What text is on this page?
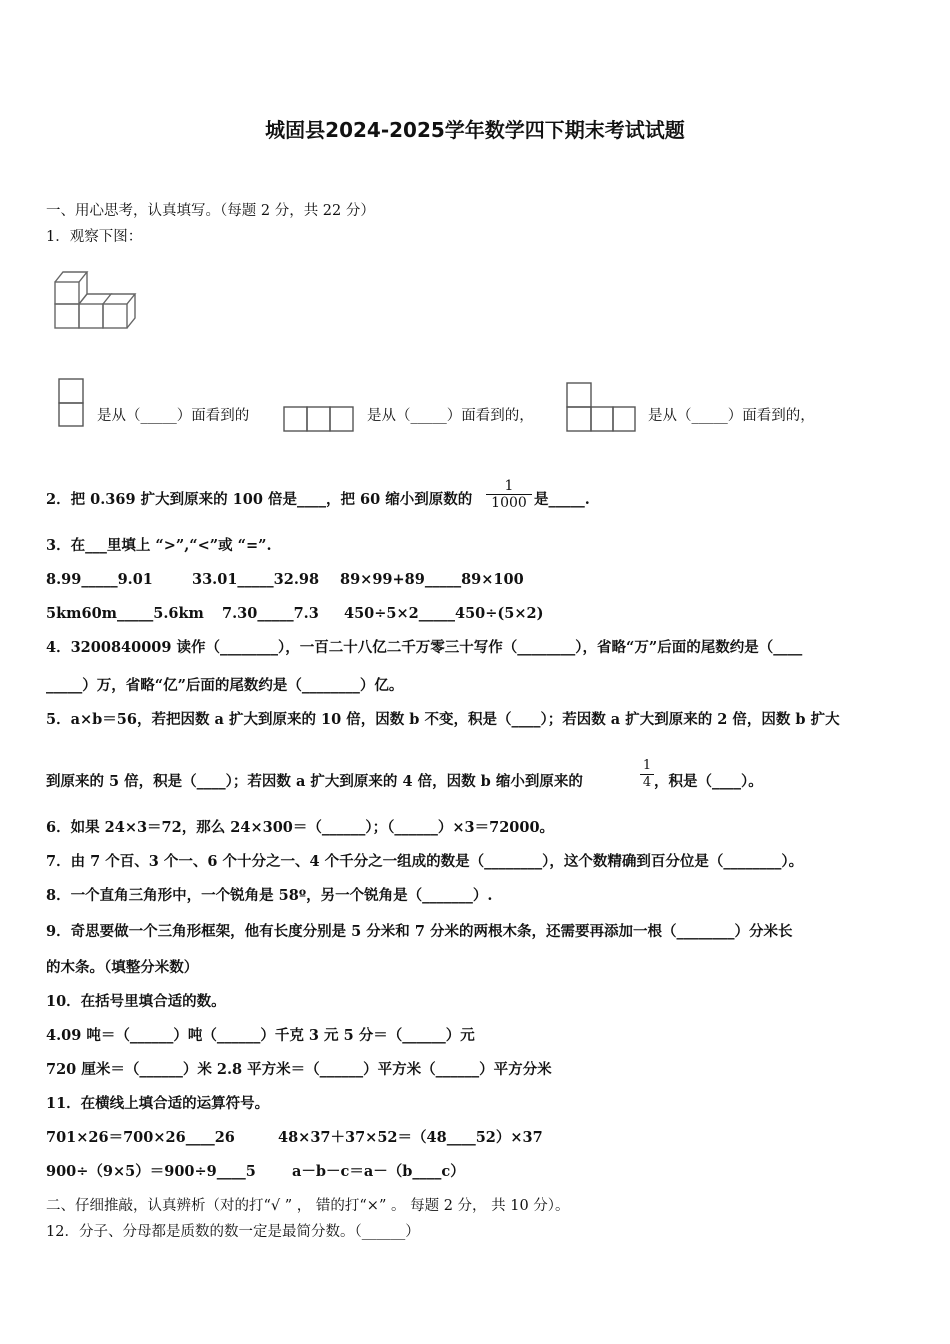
城固县2024-2025学年数学四下期末考试试题
一、用心思考，认真填写。（每题 2 分，共 22 分）
1．观察下图：
是从（_____）面看到的	是从（_____）面看到的，	是从（_____）面看到的，
2．把 0.369 扩大到原来的 100 倍是____，把 60 缩小到原数的
1
1000 是_____.
3．在___里填上 “>”,“<”或 “=”.
8.99_____9.01	33.01_____32.98 89×99+89_____89×100
5km60m_____5.6km 7.30_____7.3 450÷5×2_____450÷(5×2)
4．3200840009 读作（________），一百二十八亿二千万零三十写作（________），省略“万”后面的尾数约是（____
_____）万，省略“亿”后面的尾数约是（________）亿。
5．a×b＝56，若把因数 a 扩大到原来的 10 倍，因数 b 不变，积是（____）；若因数 a 扩大到原来的 2 倍，因数 b 扩大
到原来的 5 倍，积是（____）；若因数 a 扩大到原来的 4 倍，因数 b 缩小到原来的
1
4 ，积是（____）。
6．如果 24×3＝72，那么 24×300＝（______）；（______）×3＝72000。
7．由 7 个百、3 个一、6 个十分之一、4 个千分之一组成的数是（________），这个数精确到百分位是（________）。
8．一个直角三角形中，一个锐角是 58º，另一个锐角是（_______）.
9．奇思要做一个三角形框架，他有长度分别是 5 分米和 7 分米的两根木条，还需要再添加一根（________）分米长
的木条。（填整分米数）
10．在括号里填合适的数。
4.09 吨＝（______）吨（______）千克 3 元 5 分＝（______）元
720 厘米＝（______）米 2.8 平方米＝（______）平方米（______）平方分米
11．在横线上填合适的运算符号。
701×26＝700×26____26	48×37＋37×52＝（48____52）×37
900÷（9×5）＝900÷9____5 a－b－c＝a－（b____c）
二、仔细推敲，认真辨析（对的打“√ ” ， 错的打“×” 。 每题 2 分， 共 10 分）。
12．分子、分母都是质数的数一定是最简分数。（______）
